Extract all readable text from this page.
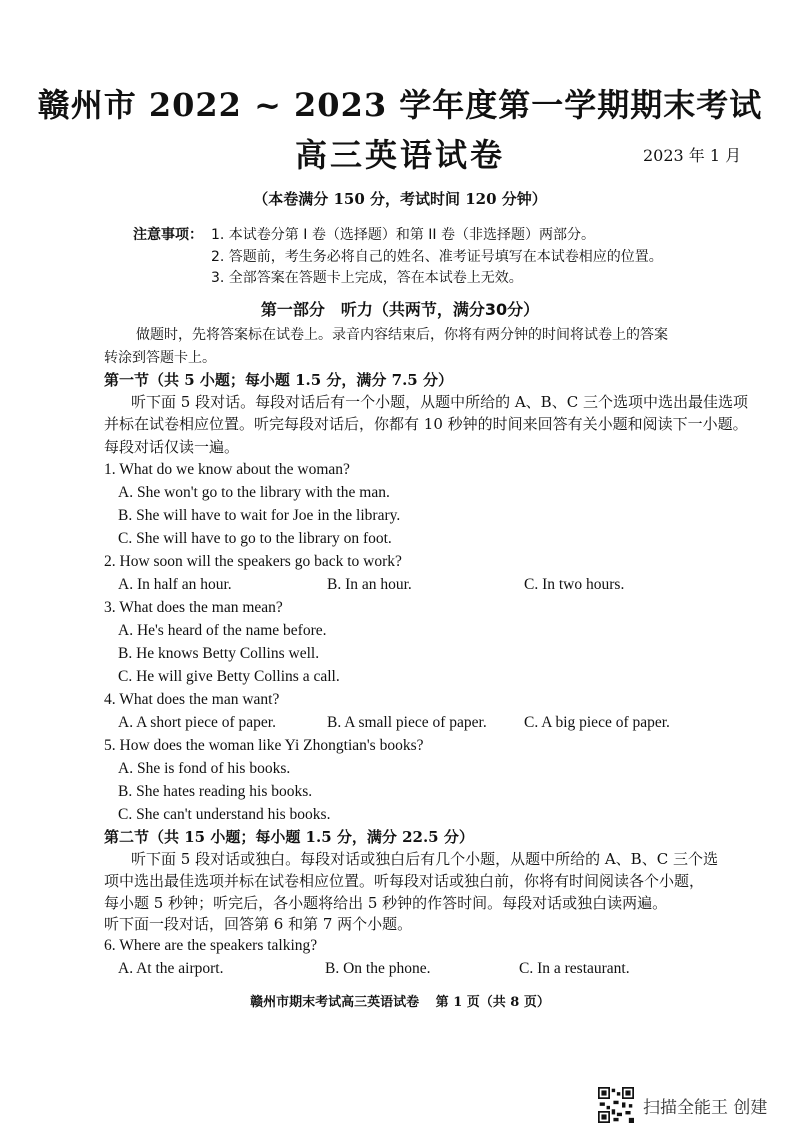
赣州市 2022 ~ 2023 学年度第一学期期末考试
高三英语试卷	2023 年 1 月
（本卷满分 150 分，考试时间 120 分钟）
注意事项： 1. 本试卷分第 I 卷（选择题）和第 II 卷（非选择题）两部分。
2. 答题前，考生务必将自己的姓名、准考证号填写在本试卷相应的位置。
3. 全部答案在答题卡上完成，答在本试卷上无效。
第一部分　听力（共两节，满分30分）
做题时，先将答案标在试卷上。录音内容结束后，你将有两分钟的时间将试卷上的答案
转涂到答题卡上。
第一节（共 5 小题；每小题 1.5 分，满分 7.5 分）
听下面 5 段对话。每段对话后有一个小题，从题中所给的 A、B、C 三个选项中选出最佳选项
并标在试卷相应位置。听完每段对话后，你都有 10 秒钟的时间来回答有关小题和阅读下一小题。
每段对话仅读一遍。
1. What do we know about the woman?
A. She won't go to the library with the man.
B. She will have to wait for Joe in the library.
C. She will have to go to the library on foot.
2. How soon will the speakers go back to work?
A. In half an hour.	B. In an hour.	C. In two hours.
3. What does the man mean?
A. He's heard of the name before.
B. He knows Betty Collins well.
C. He will give Betty Collins a call.
4. What does the man want?
A. A short piece of paper.	B. A small piece of paper. C. A big piece of paper.
5. How does the woman like Yi Zhongtian's books?
A. She is fond of his books.
B. She hates reading his books.
C. She can't understand his books.
第二节（共 15 小题；每小题 1.5 分，满分 22.5 分）
听下面 5 段对话或独白。每段对话或独白后有几个小题，从题中所给的 A、B、C 三个选
项中选出最佳选项并标在试卷相应位置。听每段对话或独白前，你将有时间阅读各个小题，
每小题 5 秒钟；听完后，各小题将给出 5 秒钟的作答时间。每段对话或独白读两遍。
听下面一段对话，回答第 6 和第 7 两个小题。
6. Where are the speakers talking?
A. At the airport.	B. On the phone.	C. In a restaurant.
赣州市期末考试高三英语试卷 第 1 页（共 8 页）
扫描全能王 创建
